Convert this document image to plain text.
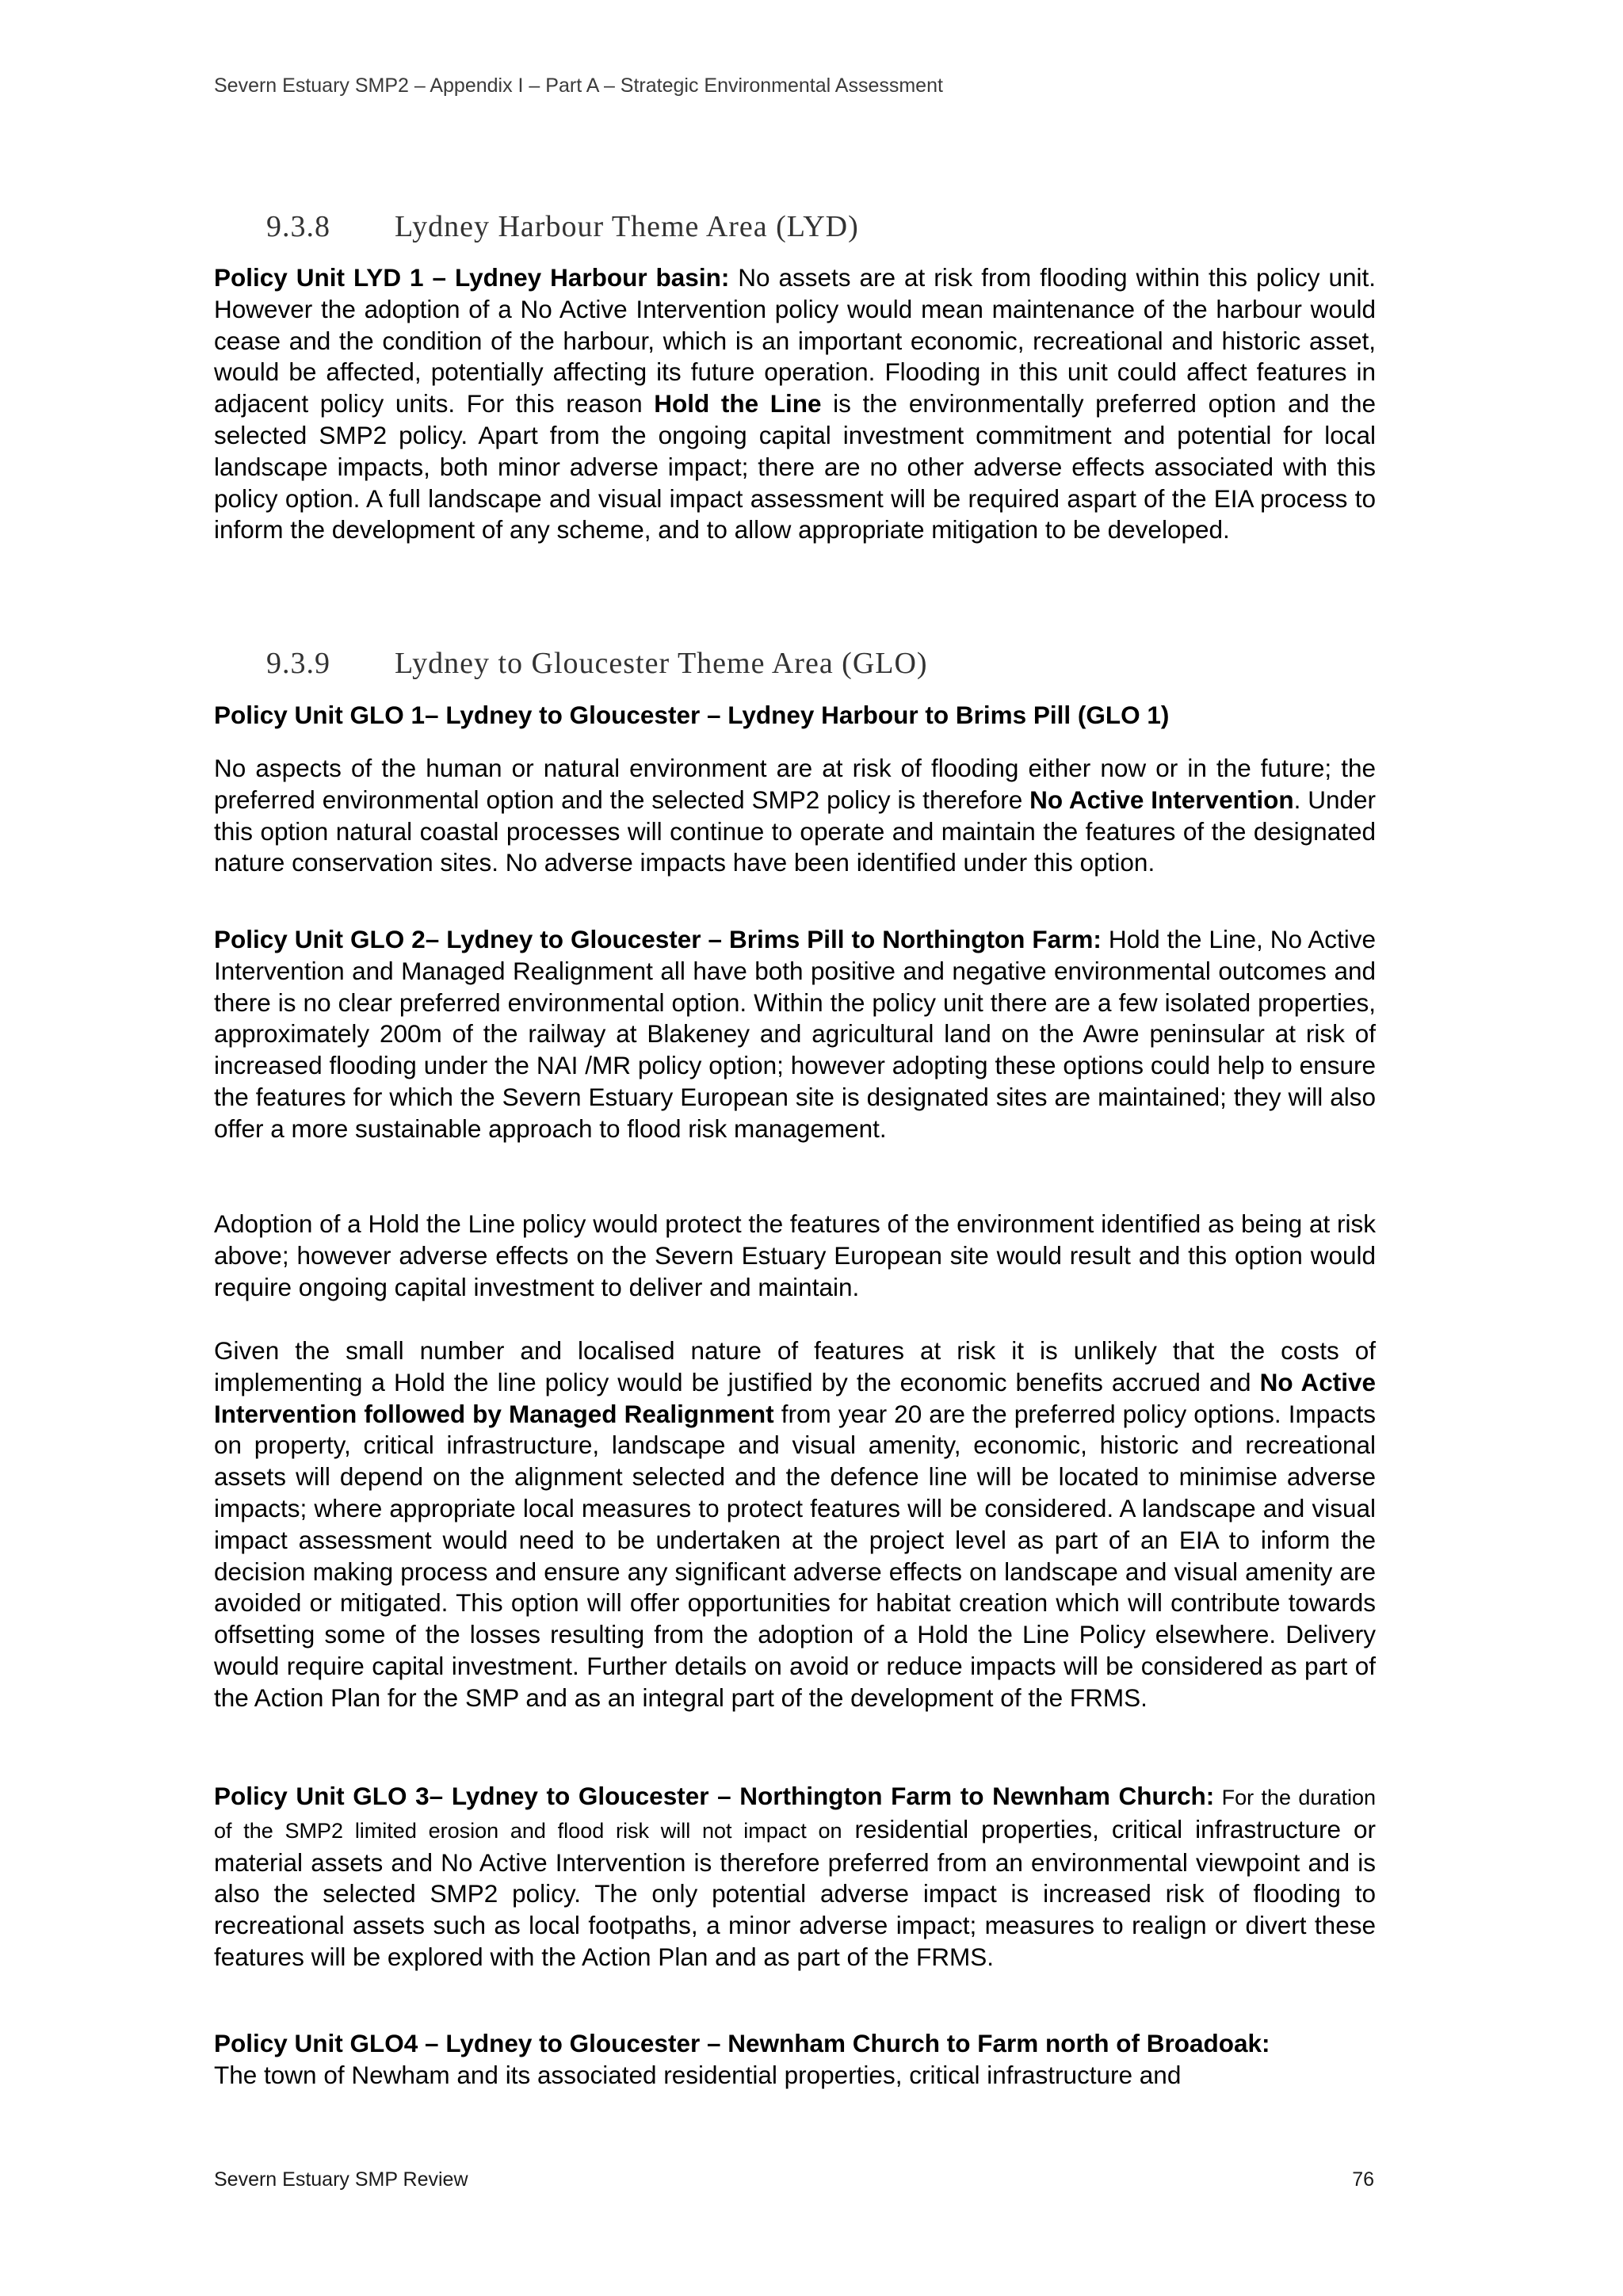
Severn Estuary SMP2 – Appendix I – Part A – Strategic Environmental Assessment
9.3.8 Lydney Harbour Theme Area (LYD)

Policy Unit LYD 1 – Lydney Harbour basin: No assets are at risk from flooding within this policy unit. However the adoption of a No Active Intervention policy would mean maintenance of the harbour would cease and the condition of the harbour, which is an important economic, recreational and historic asset, would be affected, potentially affecting its future operation. Flooding in this unit could affect features in adjacent policy units. For this reason Hold the Line is the environmentally preferred option and the selected SMP2 policy. Apart from the ongoing capital investment commitment and potential for local landscape impacts, both minor adverse impact; there are no other adverse effects associated with this policy option. A full landscape and visual impact assessment will be required aspart of the EIA process to inform the development of any scheme, and to allow appropriate mitigation to be developed.

9.3.9 Lydney to Gloucester Theme Area (GLO)
Policy Unit GLO 1– Lydney to Gloucester – Lydney Harbour to Brims Pill (GLO 1)

No aspects of the human or natural environment are at risk of flooding either now or in the future; the preferred environmental option and the selected SMP2 policy is therefore No Active Intervention. Under this option natural coastal processes will continue to operate and maintain the features of the designated nature conservation sites. No adverse impacts have been identified under this option.

Policy Unit GLO 2– Lydney to Gloucester – Brims Pill to Northington Farm: Hold the Line, No Active Intervention and Managed Realignment all have both positive and negative environmental outcomes and there is no clear preferred environmental option. Within the policy unit there are a few isolated properties, approximately 200m of the railway at Blakeney and agricultural land on the Awre peninsular at risk of increased flooding under the NAI /MR policy option; however adopting these options could help to ensure the features for which the Severn Estuary European site is designated sites are maintained; they will also offer a more sustainable approach to flood risk management.

Adoption of a Hold the Line policy would protect the features of the environment identified as being at risk above; however adverse effects on the Severn Estuary European site would result and this option would require ongoing capital investment to deliver and maintain.

Given the small number and localised nature of features at risk it is unlikely that the costs of implementing a Hold the line policy would be justified by the economic benefits accrued and No Active Intervention followed by Managed Realignment from year 20 are the preferred policy options. Impacts on property, critical infrastructure, landscape and visual amenity, economic, historic and recreational assets will depend on the alignment selected and the defence line will be located to minimise adverse impacts; where appropriate local measures to protect features will be considered. A landscape and visual impact assessment would need to be undertaken at the project level as part of an EIA to inform the decision making process and ensure any significant adverse effects on landscape and visual amenity are avoided or mitigated. This option will offer opportunities for habitat creation which will contribute towards offsetting some of the losses resulting from the adoption of a Hold the Line Policy elsewhere. Delivery would require capital investment. Further details on avoid or reduce impacts will be considered as part of the Action Plan for the SMP and as an integral part of the development of the FRMS.

Policy Unit GLO 3– Lydney to Gloucester – Northington Farm to Newnham Church: For the duration of the SMP2 limited erosion and flood risk will not impact on residential properties, critical infrastructure or material assets and No Active Intervention is therefore preferred from an environmental viewpoint and is also the selected SMP2 policy. The only potential adverse impact is increased risk of flooding to recreational assets such as local footpaths, a minor adverse impact; measures to realign or divert these features will be explored with the Action Plan and as part of the FRMS.

Policy Unit GLO4 – Lydney to Gloucester – Newnham Church to Farm north of Broadoak:
The town of Newham and its associated residential properties, critical infrastructure and

Severn Estuary SMP Review	76
